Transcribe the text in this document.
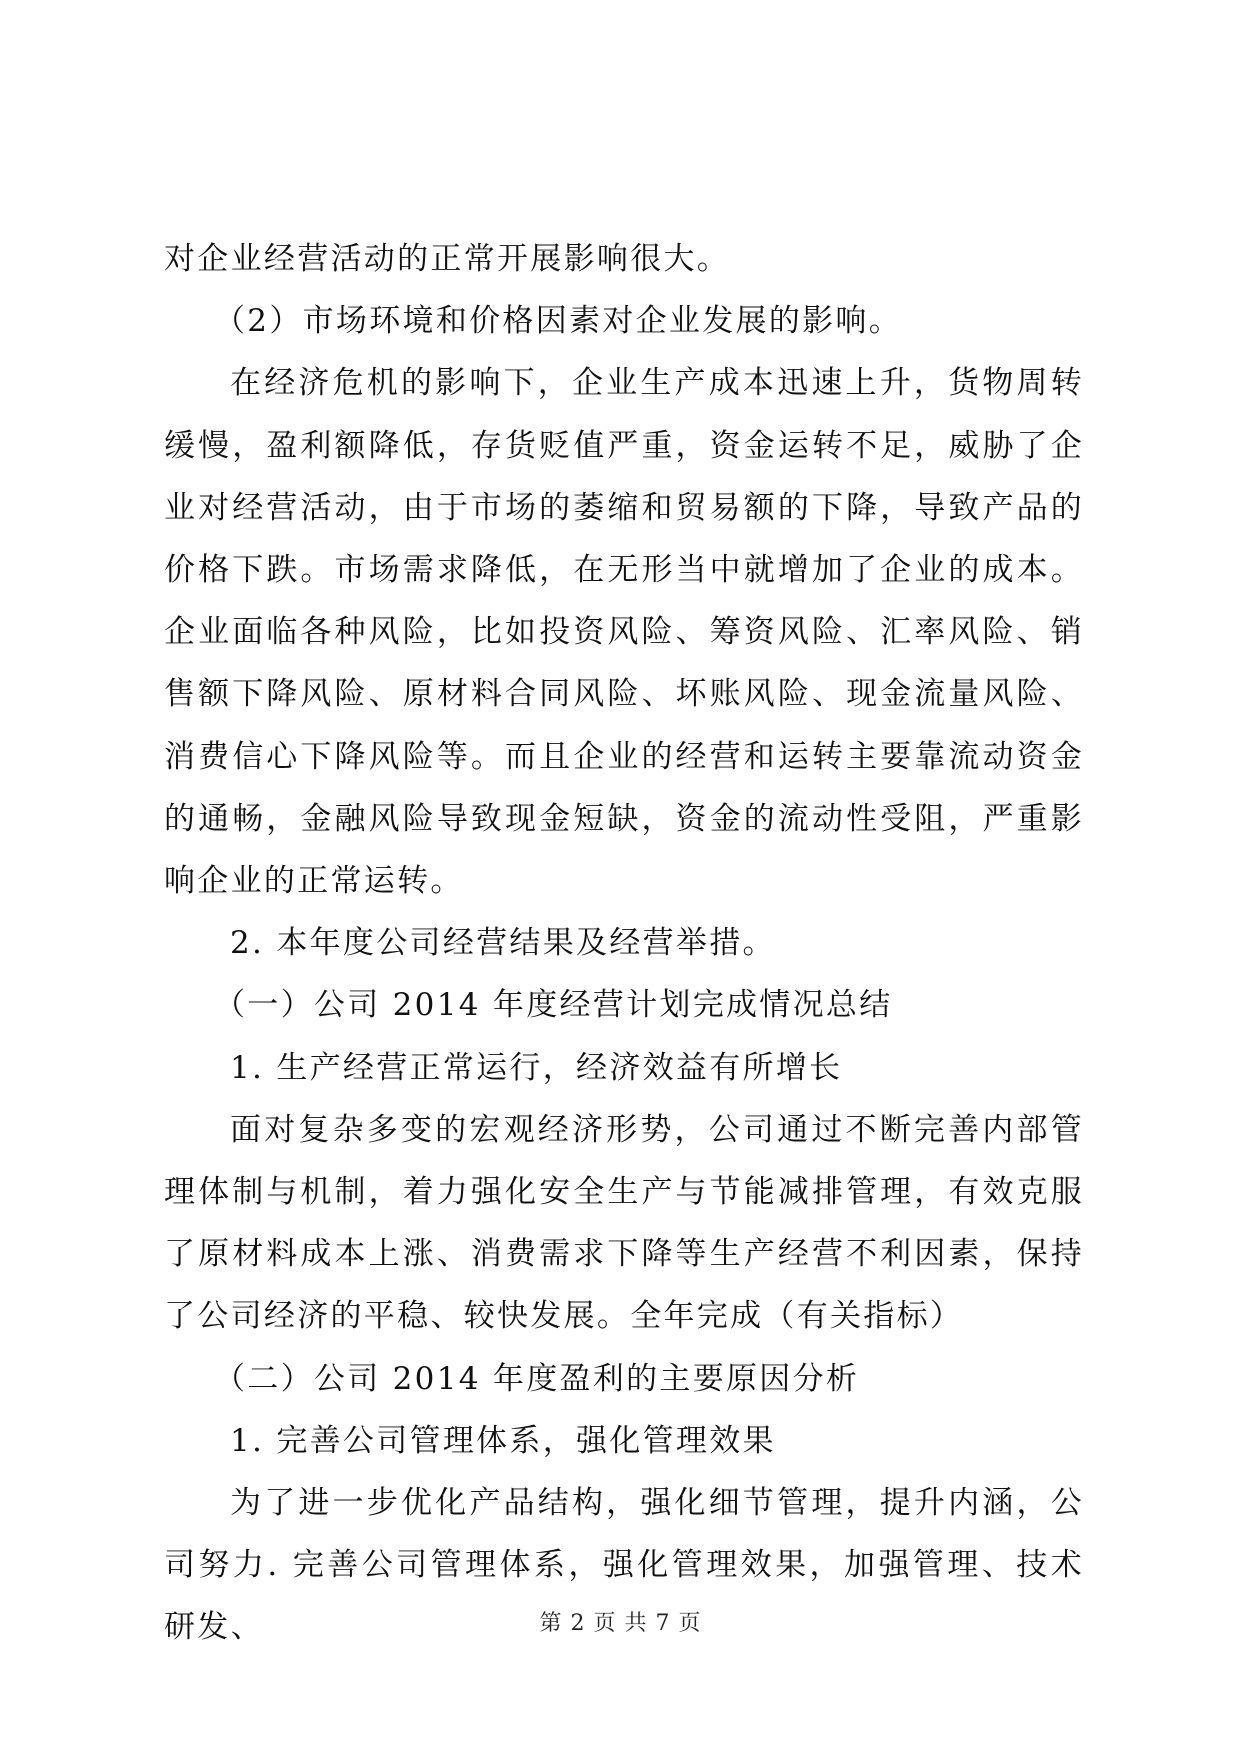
对企业经营活动的正常开展影响很大。

（2）市场环境和价格因素对企业发展的影响。

在经济危机的影响下，企业生产成本迅速上升，货物周转缓慢，盈利额降低，存货贬值严重，资金运转不足，威胁了企业对经营活动，由于市场的萎缩和贸易额的下降，导致产品的价格下跌。市场需求降低，在无形当中就增加了企业的成本。企业面临各种风险，比如投资风险、筹资风险、汇率风险、销售额下降风险、原材料合同风险、坏账风险、现金流量风险、消费信心下降风险等。而且企业的经营和运转主要靠流动资金的通畅，金融风险导致现金短缺，资金的流动性受阻，严重影响企业的正常运转。

2. 本年度公司经营结果及经营举措。

（一）公司 2014 年度经营计划完成情况总结

1. 生产经营正常运行，经济效益有所增长

面对复杂多变的宏观经济形势，公司通过不断完善内部管理体制与机制，着力强化安全生产与节能减排管理，有效克服了原材料成本上涨、消费需求下降等生产经营不利因素，保持了公司经济的平稳、较快发展。全年完成（有关指标）

（二）公司 2014 年度盈利的主要原因分析

1. 完善公司管理体系，强化管理效果

为了进一步优化产品结构，强化细节管理，提升内涵，公司努力. 完善公司管理体系，强化管理效果，加强管理、技术研发、	第 2 页 共 7 页
